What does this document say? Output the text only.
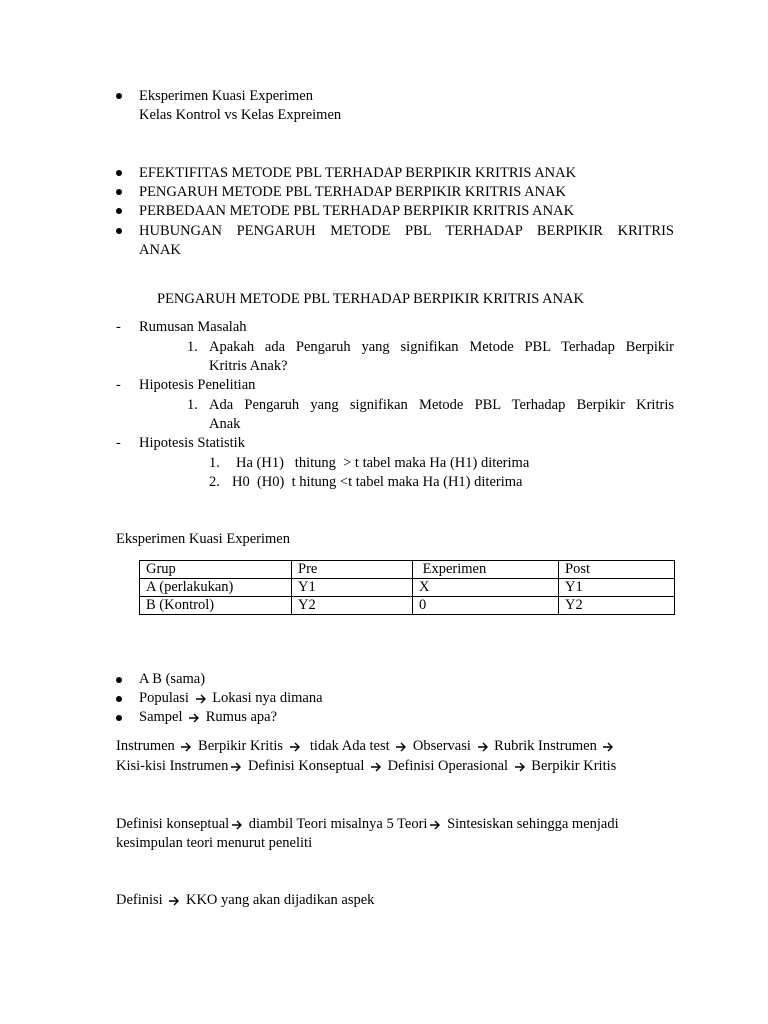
Eksperimen Kuasi Experimen
Kelas Kontrol vs Kelas Expreimen
EFEKTIFITAS METODE PBL TERHADAP BERPIKIR KRITRIS ANAK
PENGARUH METODE PBL TERHADAP BERPIKIR KRITRIS ANAK
PERBEDAAN METODE PBL TERHADAP BERPIKIR KRITRIS ANAK
HUBUNGAN PENGARUH METODE PBL TERHADAP BERPIKIR KRITRIS
ANAK
PENGARUH METODE PBL TERHADAP BERPIKIR KRITRIS ANAK
- Rumusan Masalah
1. Apakah ada Pengaruh yang signifikan Metode PBL Terhadap Berpikir
Kritris Anak?
- Hipotesis Penelitian
1. Ada Pengaruh yang signifikan Metode PBL Terhadap Berpikir Kritris
Anak
- Hipotesis Statistik
1. Ha (H1)   thitung  > t tabel maka Ha (H1) diterima
2. H0  (H0)  t hitung <t tabel maka Ha (H1) diterima
Eksperimen Kuasi Experimen
Grup	Pre	Experimen	Post
A (perlakukan)	Y1	X	Y1
B (Kontrol)	Y2	0	Y2
A B (sama)
Populasi Lokasi nya dimana
Sampel Rumus apa?
Instrumen Berpikir Kritis   tidak Ada test Observasi Rubrik Instrumen
Kisi-kisi Instrumen Definisi Konseptual Definisi Operasional Berpikir Kritis
Definisi konseptual diambil Teori misalnya 5 Teori Sintesiskan sehingga menjadi
kesimpulan teori menurut peneliti
Definisi KKO yang akan dijadikan aspek
